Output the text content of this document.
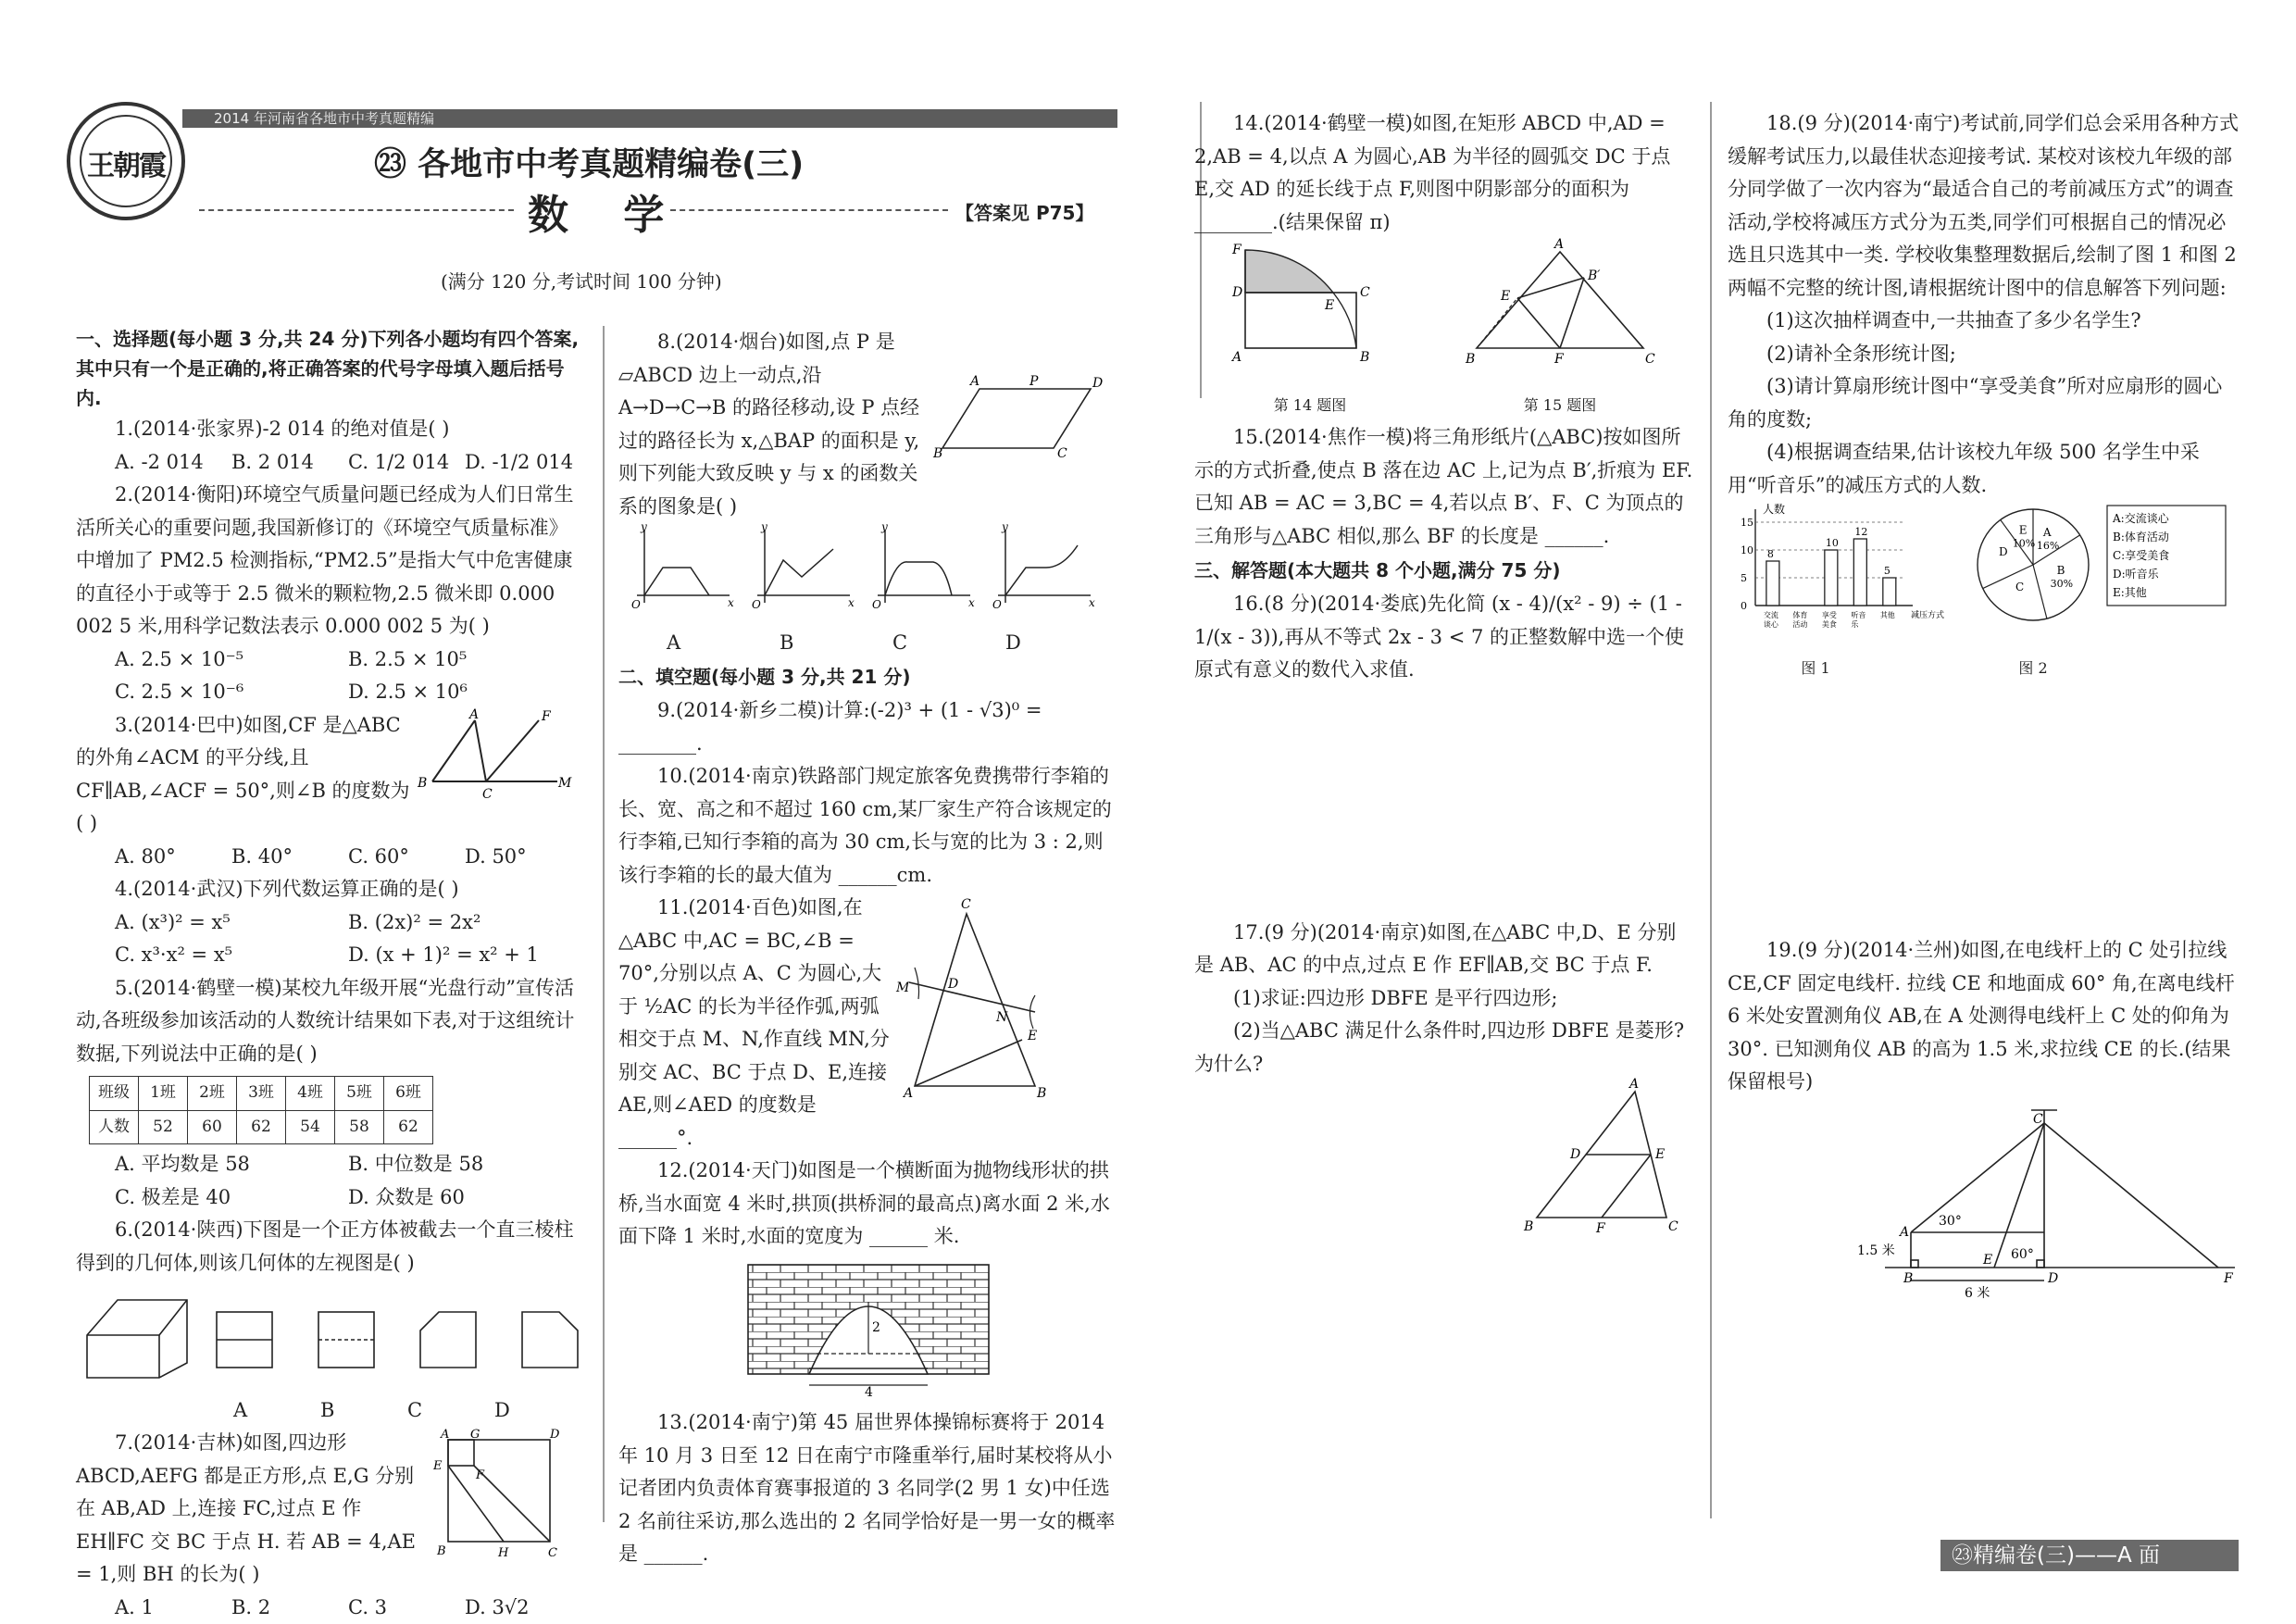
2014 年河南省各地市中考真题精编
王朝霞	㉓ 各地市中考真题精编卷(三)
数 学	【答案见 P75】
(满分 120 分,考试时间 100 分钟)

一、选择题(每小题 3 分,共 24 分)下列各小题均有四个答案,其中只有一个是正确的,将正确答案的代号字母填入题后括号内.

1.(2014·张家界)-2 014 的绝对值是( )

A. -2 014	B. 2 014	C. 1/2 014 D. -1/2 014

2.(2014·衡阳)环境空气质量问题已经成为人们日常生活所关心的重要问题,我国新修订的《环境空气质量标准》中增加了 PM2.5 检测指标,“PM2.5”是指大气中危害健康的直径小于或等于 2.5 微米的颗粒物,2.5 微米即 0.000 002 5 米,用科学记数法表示 0.000 002 5 为( )

A. 2.5 × 10⁻⁵	B. 2.5 × 10⁵
C. 2.5 × 10⁻⁶	D. 2.5 × 10⁶

3.(2014·巴中)如图,CF 是△ABC 的外角∠ACM 的平分线,且 CF∥AB,∠ACF = 50°,则∠B 的度数为( )

A
B
C
F
M
A. 80°	B. 40°	C. 60°	D. 50°

4.(2014·武汉)下列代数运算正确的是( )

A. (x³)² = x⁵	B. (2x)² = 2x²
C. x³·x² = x⁵	D. (x + 1)² = x² + 1

5.(2014·鹤壁一模)某校九年级开展“光盘行动”宣传活动,各班级参加该活动的人数统计结果如下表,对于这组统计数据,下列说法中正确的是( )

班级	1班	2班	3班	4班	5班	6班
人数	52	60	62	54	58	62
A. 平均数是 58	B. 中位数是 58
C. 极差是 40	D. 众数是 60

6.(2014·陕西)下图是一个正方体被截去一个直三棱柱得到的几何体,则该几何体的左视图是( )

A	B	C	D

7.(2014·吉林)如图,四边形 ABCD,AEFG 都是正方形,点 E,G 分别在 AB,AD 上,连接 FC,过点 E 作 EH∥FC 交 BC 于点 H. 若 AB = 4,AE = 1,则 BH 的长为( )

A G	D
E
F
B	H	C
A. 1	B. 2	C. 3	D. 3√2

8.(2014·烟台)如图,点 P 是▱ABCD 边上一动点,沿 A→D→C→B 的路径移动,设 P 点经过的路径长为 x,△BAP 的面积是 y,则下列能大致反映 y 与 x 的函数关系的图象是( )

A	P	D
B	C
O
y
x O
y
x O
y
x O
y
x
A	B	C	D

二、填空题(每小题 3 分,共 21 分)

9.(2014·新乡二模)计算:(-2)³ + (1 - √3)⁰ = ________.

10.(2014·南京)铁路部门规定旅客免费携带行李箱的长、宽、高之和不超过 160 cm,某厂家生产符合该规定的行李箱,已知行李箱的高为 30 cm,长与宽的比为 3 : 2,则该行李箱的长的最大值为 ______cm.

11.(2014·百色)如图,在△ABC 中,AC = BC,∠B = 70°,分别以点 A、C 为圆心,大于 ½AC 的长为半径作弧,两弧相交于点 M、N,作直线 MN,分别交 AC、BC 于点 D、E,连接 AE,则∠AED 的度数是 ______°.

C
A	B
M	D
E
N

12.(2014·天门)如图是一个横断面为抛物线形状的拱桥,当水面宽 4 米时,拱顶(拱桥洞的最高点)离水面 2 米,水面下降 1 米时,水面的宽度为 ______ 米.

2
4

13.(2014·南宁)第 45 届世界体操锦标赛将于 2014 年 10 月 3 日至 12 日在南宁市隆重举行,届时某校将从小记者团内负责体育赛事报道的 3 名同学(2 男 1 女)中任选 2 名前往采访,那么选出的 2 名同学恰好是一男一女的概率是 ______.

14.(2014·鹤壁一模)如图,在矩形 ABCD 中,AD = 2,AB = 4,以点 A 为圆心,AB 为半径的圆弧交 DC 于点 E,交 AD 的延长线于点 F,则图中阴影部分的面积为 ________.(结果保留 π)

F
D
E
C
A	B
第 14 题图
A
B′
E
B	F	C
第 15 题图

15.(2014·焦作一模)将三角形纸片(△ABC)按如图所示的方式折叠,使点 B 落在边 AC 上,记为点 B′,折痕为 EF. 已知 AB = AC = 3,BC = 4,若以点 B′、F、C 为顶点的三角形与△ABC 相似,那么 BF 的长度是 ______.

三、解答题(本大题共 8 个小题,满分 75 分)

16.(8 分)(2014·娄底)先化简 (x - 4)/(x² - 9) ÷ (1 - 1/(x - 3)),再从不等式 2x - 3 < 7 的正整数解中选一个使原式有意义的数代入求值.

17.(9 分)(2014·南京)如图,在△ABC 中,D、E 分别是 AB、AC 的中点,过点 E 作 EF∥AB,交 BC 于点 F.

(1)求证:四边形 DBFE 是平行四边形;

(2)当△ABC 满足什么条件时,四边形 DBFE 是菱形?为什么?

A
D	E
B	F	C

18.(9 分)(2014·南宁)考试前,同学们总会采用各种方式缓解考试压力,以最佳状态迎接考试. 某校对该校九年级的部分同学做了一次内容为“最适合自己的考前减压方式”的调查活动,学校将减压方式分为五类,同学们可根据自己的情况必选且只选其中一类. 学校收集整理数据后,绘制了图 1 和图 2 两幅不完整的统计图,请根据统计图中的信息解答下列问题:

(1)这次抽样调查中,一共抽查了多少名学生?

(2)请补全条形统计图;

(3)请计算扇形统计图中“享受美食”所对应扇形的圆心角的度数;

(4)根据调查结果,估计该校九年级 500 名学生中采用“听音乐”的减压方式的人数.

人数
0
5
10
15
8
交流
谈心
体育
活动
10
享受
美食
12
听音
乐
5
其他 减压方式
图 1
A
16%
B
30%
C
D
E
10%
A:交流谈心
B:体育活动
C:享受美食
D:听音乐
E:其他
图 2

19.(9 分)(2014·兰州)如图,在电线杆上的 C 处引拉线 CE,CF 固定电线杆. 拉线 CE 和地面成 60° 角,在离电线杆 6 米处安置测角仪 AB,在 A 处测得电线杆上 C 处的仰角为 30°. 已知测角仪 AB 的高为 1.5 米,求拉线 CE 的长.(结果保留根号)

C
A
30°
60°
E
B	D	F
1.5 米
6 米
㉓精编卷(三)——A 面
